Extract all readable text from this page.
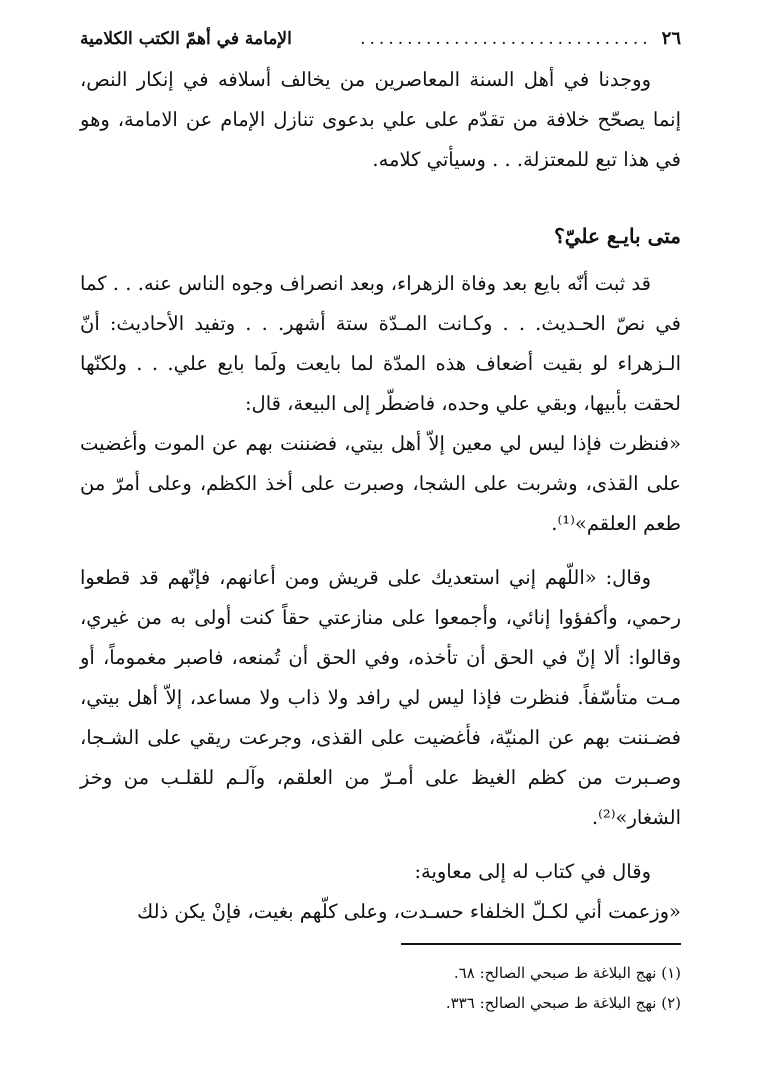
٢٦
...............................
الإمامة في أهمّ الكتب الكلامية

ووجدنا في أهل السنة المعاصرين من يخالف أسلافه في إنكار النص، إنما يصحّح خلافة من تقدّم على علي بدعوى تنازل الإمام عن الامامة، وهو في هذا تبع للمعتزلة. . . وسيأتي كلامه.

متى بايـع عليّ؟

قد ثبت أنّه بايع بعد وفاة الزهراء، وبعد انصراف وجوه الناس عنه. . . كما في نصّ الحـديث. . . وكـانت المـدّة ستة أشهر. . . وتفيد الأحاديث: أنّ الـزهراء لو بقيت أضعاف هذه المدّة لما بايعت ولَما بايع علي. . . ولكنّها لحقت بأبيها، وبقي علي وحده، فاضطّر إلى البيعة، قال:

«فنظرت فإذا ليس لي معين إلاّ أهل بيتي، فضننت بهم عن الموت وأغضيت على القذى، وشربت على الشجا، وصبرت على أخذ الكظم، وعلى أمرّ من طعم العلقم»⁽¹⁾.

وقال: «اللّهم إني استعديك على قريش ومن أعانهم، فإنّهم قد قطعوا رحمي، وأكفؤوا إنائي، وأجمعوا على منازعتي حقاً كنت أولى به من غيري، وقالوا: ألا إنّ في الحق أن تأخذه، وفي الحق أن تُمنعه، فاصبر مغموماً، أو مـت متأسّفاً. فنظرت فإذا ليس لي رافد ولا ذاب ولا مساعد، إلاّ أهل بيتي، فضـننت بهم عن المنيّة، فأغضيت على القذى، وجرعت ريقي على الشـجا، وصـبرت من كظم الغيظ على أمـرّ من العلقم، وآلـم للقلـب من وخز الشغار»⁽²⁾.

وقال في كتاب له إلى معاوية:

«وزعمت أني لكـلّ الخلفاء حسـدت، وعلى كلّهم بغيت، فإنْ يكن ذلك

(١) نهج البلاغة ط صبحي الصالح: ٦٨.

(٢) نهج البلاغة ط صبحي الصالح: ٣٣٦.
